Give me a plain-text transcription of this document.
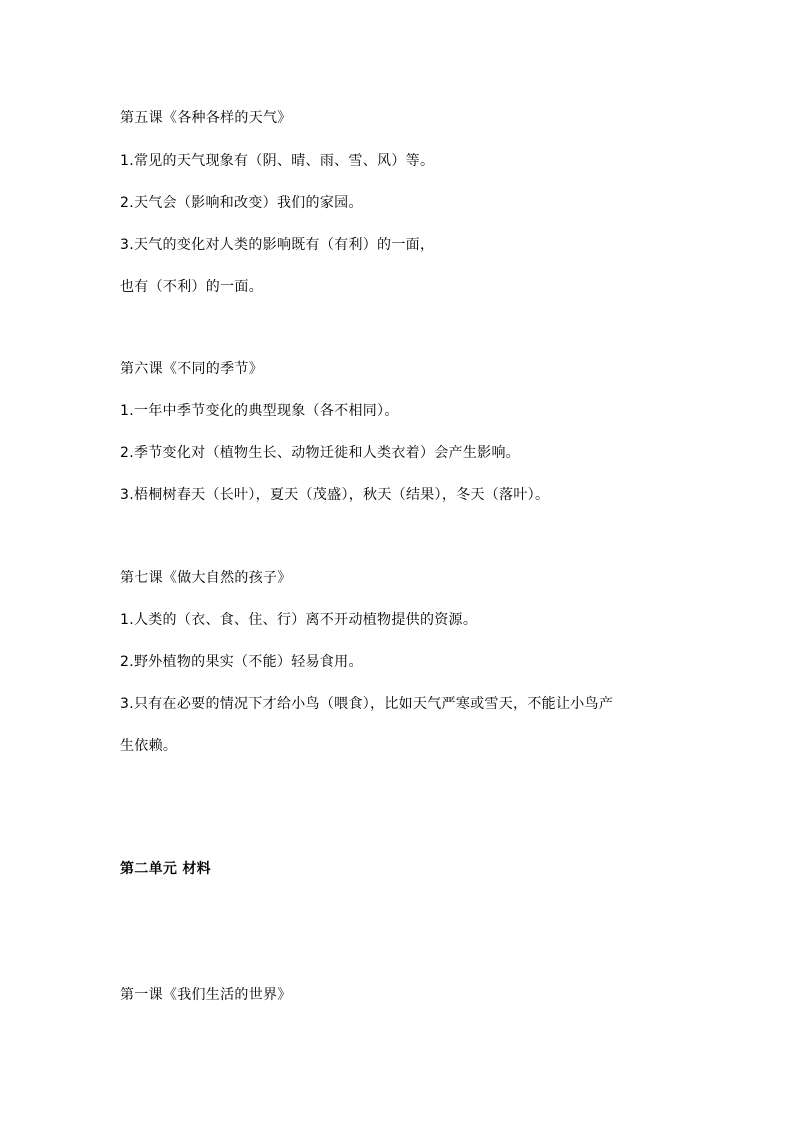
第五课《各种各样的天气》
1.常见的天气现象有（阴、晴、雨、雪、风）等。
2.天气会（影响和改变）我们的家园。
3.天气的变化对人类的影响既有（有利）的一面，
也有（不利）的一面。
第六课《不同的季节》
1.一年中季节变化的典型现象（各不相同）。
2.季节变化对（植物生长、动物迁徙和人类衣着）会产生影响。
3.梧桐树春天（长叶），夏天（茂盛），秋天（结果），冬天（落叶）。
第七课《做大自然的孩子》
1.人类的（衣、食、住、行）离不开动植物提供的资源。
2.野外植物的果实（不能）轻易食用。
3.只有在必要的情况下才给小鸟（喂食），比如天气严寒或雪天，不能让小鸟产
生依赖。
第二单元 材料
第一课《我们生活的世界》
